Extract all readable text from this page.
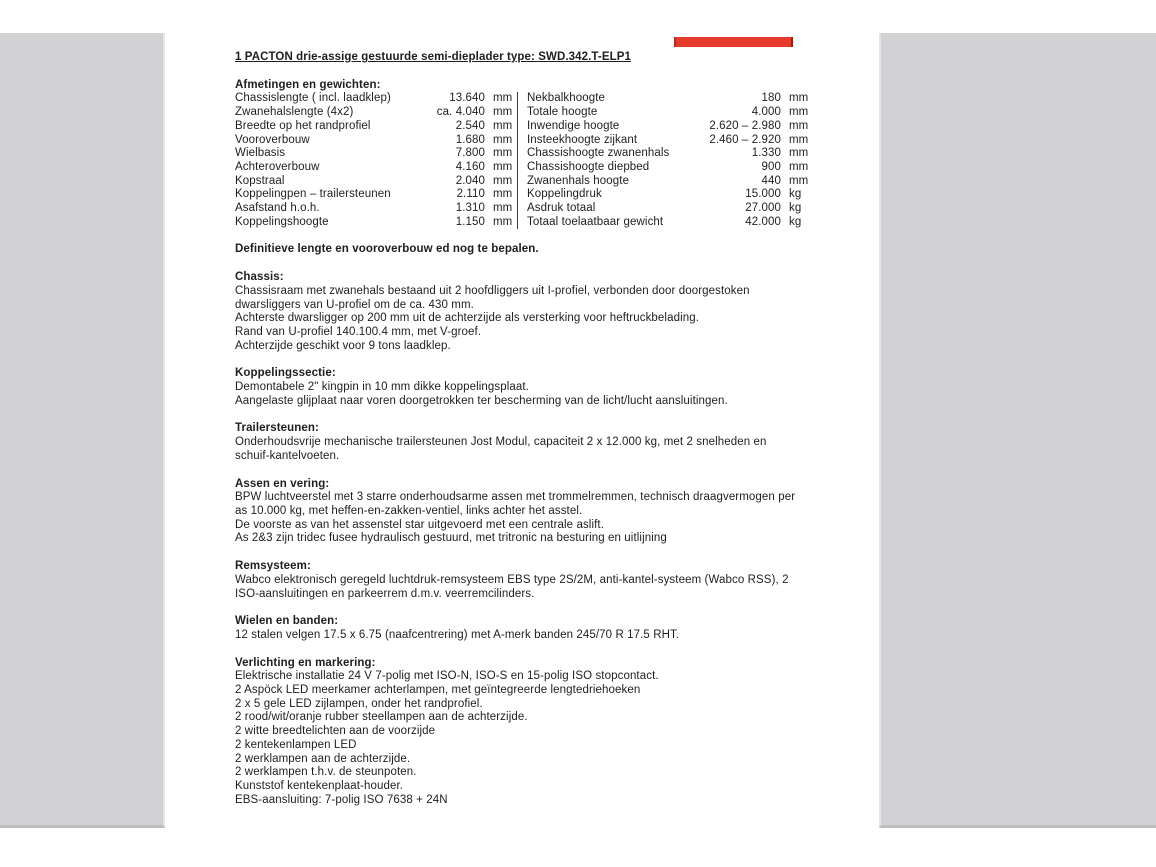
1 PACTON drie-assige gestuurde semi-dieplader type: SWD.342.T-ELP1
Afmetingen en gewichten:
Chassislengte ( incl. laadklep)	13.640 mm
Zwanehalslengte (4x2)	ca. 4.040 mm
Breedte op het randprofiel	2.540 mm
Vooroverbouw	1.680 mm
Wielbasis	7.800 mm
Achteroverbouw	4.160 mm
Kopstraal	2.040 mm
Koppelingpen – trailersteunen	2.110 mm
Asafstand h.o.h.	1.310 mm
Koppelingshoogte	1.150 mm
Nekbalkhoogte	180 mm
Totale hoogte	4.000 mm
Inwendige hoogte	2.620 – 2.980 mm
Insteekhoogte zijkant	2.460 – 2.920 mm
Chassishoogte zwanenhals	1.330 mm
Chassishoogte diepbed	900 mm
Zwanenhals hoogte	440 mm
Koppelingdruk	15.000 kg
Asdruk totaal	27.000 kg
Totaal toelaatbaar gewicht	42.000 kg
Definitieve lengte en vooroverbouw ed nog te bepalen.
Chassis:
Chassisraam met zwanehals bestaand uit 2 hoofdliggers uit I-profiel, verbonden door doorgestoken
dwarsliggers van U-profiel om de ca. 430 mm.
Achterste dwarsligger op 200 mm uit de achterzijde als versterking voor heftruckbelading.
Rand van U-profiel 140.100.4 mm, met V-groef.
Achterzijde geschikt voor 9 tons laadklep.
Koppelingssectie:
Demontabele 2" kingpin in 10 mm dikke koppelingsplaat.
Aangelaste glijplaat naar voren doorgetrokken ter bescherming van de licht/lucht aansluitingen.
Trailersteunen:
Onderhoudsvrije mechanische trailersteunen Jost Modul, capaciteit 2 x 12.000 kg, met 2 snelheden en
schuif-kantelvoeten.
Assen en vering:
BPW luchtveerstel met 3 starre onderhoudsarme assen met trommelremmen, technisch draagvermogen per
as 10.000 kg, met heffen-en-zakken-ventiel, links achter het asstel.
De voorste as van het assenstel star uitgevoerd met een centrale aslift.
As 2&3 zijn tridec fusee hydraulisch gestuurd, met tritronic na besturing en uitlijning
Remsysteem:
Wabco elektronisch geregeld luchtdruk-remsysteem EBS type 2S/2M, anti-kantel-systeem (Wabco RSS), 2
ISO-aansluitingen en parkeerrem d.m.v. veerremcilinders.
Wielen en banden:
12 stalen velgen 17.5 x 6.75 (naafcentrering) met A-merk banden 245/70 R 17.5 RHT.
Verlichting en markering:
Elektrische installatie 24 V 7-polig met ISO-N, ISO-S en 15-polig ISO stopcontact.
2 Aspöck LED meerkamer achterlampen, met geïntegreerde lengtedriehoeken
2 x 5 gele LED zijlampen, onder het randprofiel.
2 rood/wit/oranje rubber steellampen aan de achterzijde.
2 witte breedtelichten aan de voorzijde
2 kentekenlampen LED
2 werklampen aan de achterzijde.
2 werklampen t.h.v. de steunpoten.
Kunststof kentekenplaat-houder.
EBS-aansluiting: 7-polig ISO 7638 + 24N
